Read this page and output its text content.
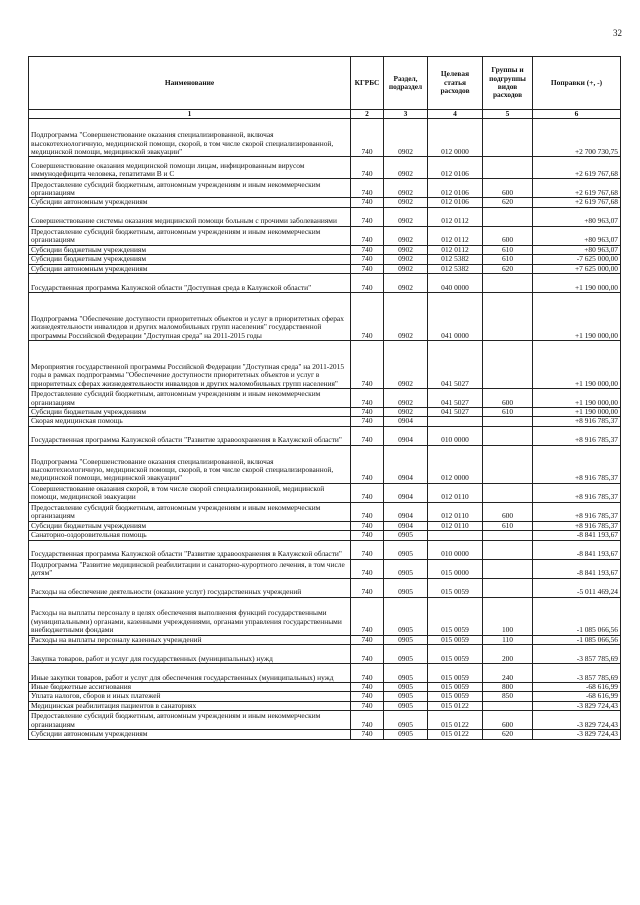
32
Наименование	КГРБС	Раздел, подраздел	Целевая статья расходов	Группы и подгруппы видов расходов	Поправки (+, -)
1	2	3	4	5	6
Подпрограмма "Совершенствование оказания специализированной, включая высокотехнологичную, медицинской помощи, скорой, в том числе скорой специализированной, медицинской помощи, медицинской эвакуации"	740	0902	012 0000		+2 700 730,75
Совершенствование оказания медицинской помощи лицам, инфицированным вирусом иммунодефицита человека, гепатитами В и С	740	0902	012 0106		+2 619 767,68
Предоставление субсидий бюджетным, автономным учреждениям и иным некоммерческим организациям	740	0902	012 0106	600	+2 619 767,68
Субсидии автономным учреждениям	740	0902	012 0106	620	+2 619 767,68
Совершенствование системы оказания медицинской помощи больным с прочими заболеваниями	740	0902	012 0112		+80 963,07
Предоставление субсидий бюджетным, автономным учреждениям и иным некоммерческим организациям	740	0902	012 0112	600	+80 963,07
Субсидии бюджетным учреждениям	740	0902	012 0112	610	+80 963,07
Субсидии бюджетным учреждениям	740	0902	012 5382	610	-7 625 000,00
Субсидии автономным учреждениям	740	0902	012 5382	620	+7 625 000,00
Государственная программа Калужской области "Доступная среда в Калужской области"	740	0902	040 0000		+1 190 000,00
Подпрограмма "Обеспечение доступности приоритетных объектов и услуг в приоритетных сферах жизнедеятельности инвалидов и других маломобильных групп населения" государственной программы Российской Федерации "Доступная среда" на 2011-2015 годы	740	0902	041 0000		+1 190 000,00
Мероприятия государственной программы Российской Федерации "Доступная среда" на 2011-2015 годы в рамках подпрограммы "Обеспечение доступности приоритетных объектов и услуг в приоритетных сферах жизнедеятельности инвалидов и других маломобильных групп населения"	740	0902	041 5027		+1 190 000,00
Предоставление субсидий бюджетным, автономным учреждениям и иным некоммерческим организациям	740	0902	041 5027	600	+1 190 000,00
Субсидии бюджетным учреждениям	740	0902	041 5027	610	+1 190 000,00
Скорая медицинская помощь	740	0904			+8 916 785,37
Государственная программа Калужской области "Развитие здравоохранения в Калужской области"	740	0904	010 0000		+8 916 785,37
Подпрограмма "Совершенствование оказания специализированной, включая высокотехнологичную, медицинской помощи, скорой, в том числе скорой специализированной, медицинской помощи, медицинской эвакуации"	740	0904	012 0000		+8 916 785,37
Совершенствование оказания скорой, в том числе скорой специализированной, медицинской помощи, медицинской эвакуации	740	0904	012 0110		+8 916 785,37
Предоставление субсидий бюджетным, автономным учреждениям и иным некоммерческим организациям	740	0904	012 0110	600	+8 916 785,37
Субсидии бюджетным учреждениям	740	0904	012 0110	610	+8 916 785,37
Санаторно-оздоровительная помощь	740	0905			-8 841 193,67
Государственная программа Калужской области "Развитие здравоохранения в Калужской области"	740	0905	010 0000		-8 841 193,67
Подпрограмма "Развитие медицинской реабилитации и санаторно-курортного лечения, в том числе детям"	740	0905	015 0000		-8 841 193,67
Расходы на обеспечение деятельности (оказание услуг) государственных учреждений	740	0905	015 0059		-5 011 469,24
Расходы на выплаты персоналу в целях обеспечения выполнения функций государственными (муниципальными) органами, казенными учреждениями, органами управления государственными внебюджетными фондами	740	0905	015 0059	100	-1 085 066,56
Расходы на выплаты персоналу казенных учреждений	740	0905	015 0059	110	-1 085 066,56
Закупка товаров, работ и услуг для государственных (муниципальных) нужд	740	0905	015 0059	200	-3 857 785,69
Иные закупки товаров, работ и услуг для обеспечения государственных (муниципальных) нужд	740	0905	015 0059	240	-3 857 785,69
Иные бюджетные ассигнования	740	0905	015 0059	800	-68 616,99
Уплата налогов, сборов и иных платежей	740	0905	015 0059	850	-68 616,99
Медицинская реабилитация пациентов в санаториях	740	0905	015 0122		-3 829 724,43
Предоставление субсидий бюджетным, автономным учреждениям и иным некоммерческим организациям	740	0905	015 0122	600	-3 829 724,43
Субсидии автономным учреждениям	740	0905	015 0122	620	-3 829 724,43
